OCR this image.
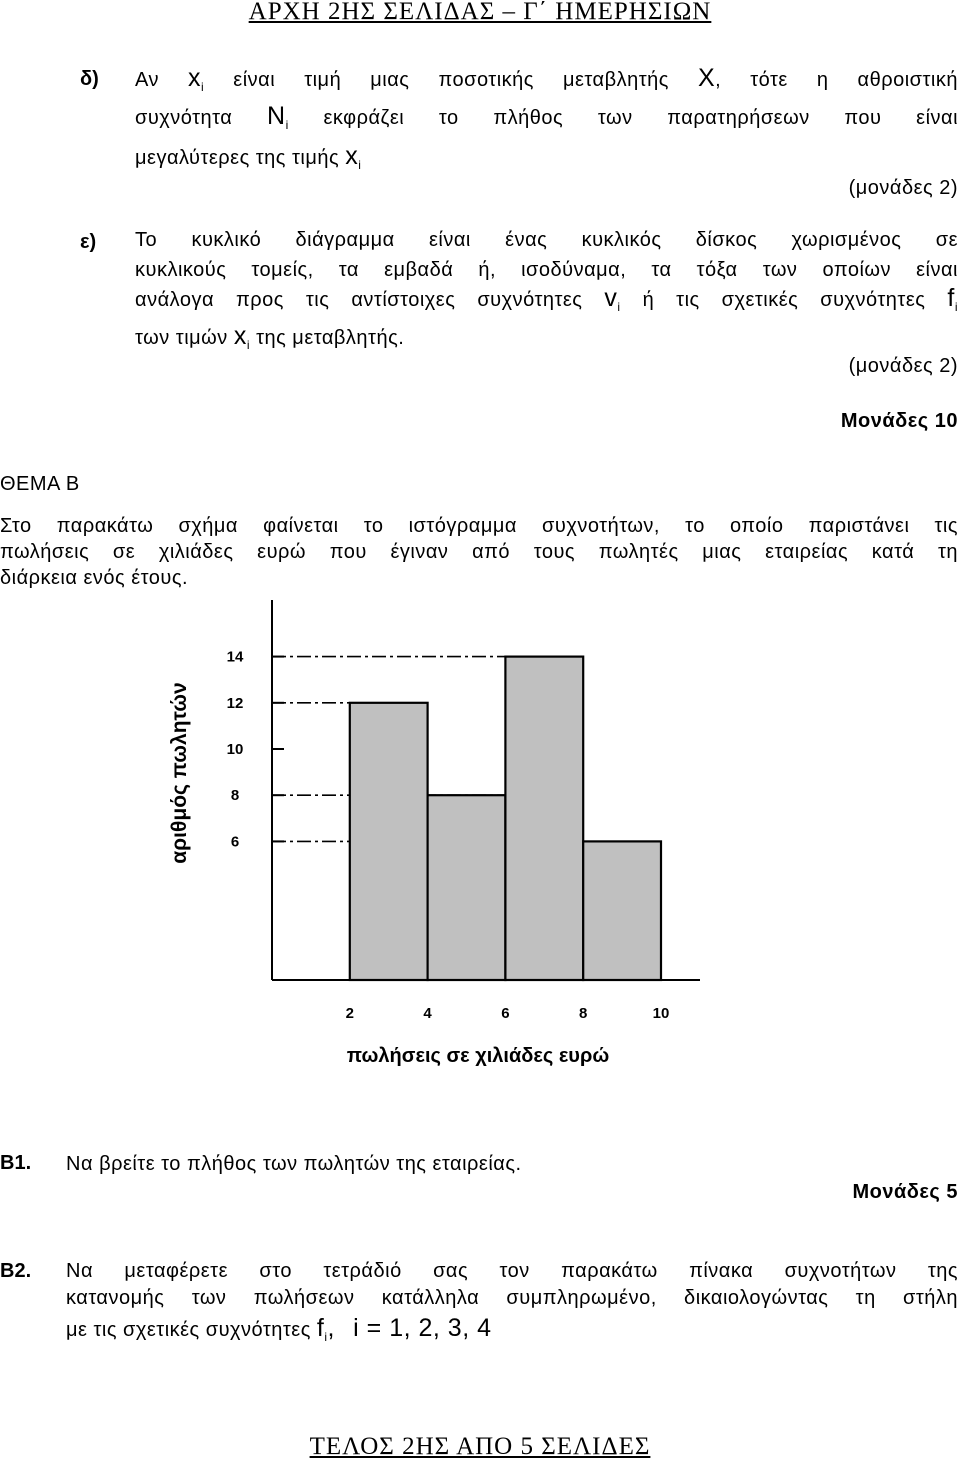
ΑΡΧΗ 2ΗΣ ΣΕΛΙΔΑΣ – Γ΄ ΗΜΕΡΗΣΙΩΝ
δ) Αν $x_i$ είναι τιμή μιας ποσοτικής μεταβλητής X, τότε η αθροιστική
συχνότητα $N_i$ εκφράζει το πλήθος των παρατηρήσεων που είναι
μεγαλύτερες της τιμής $x_i$
(μονάδες 2)
ε) Το κυκλικό διάγραμμα είναι ένας κυκλικός δίσκος χωρισμένος σε
κυκλικούς τομείς, τα εμβαδά ή, ισοδύναμα, τα τόξα των οποίων είναι
ανάλογα προς τις αντίστοιχες συχνότητες $v_i$ ή τις σχετικές συχνότητες $f_i$
των τιμών $x_i$ της μεταβλητής.
(μονάδες 2)
Μονάδες 10
ΘΕΜΑ Β
Στο παρακάτω σχήμα φαίνεται το ιστόγραμμα συχνοτήτων, το οποίο παριστάνει τις
πωλήσεις σε χιλιάδες ευρώ που έγιναν από τους πωλητές μιας εταιρείας κατά τη
διάρκεια ενός έτους.
αριθμός πωλητών
πωλήσεις σε χιλιάδες ευρώ
6
8
10
12
14
2	4	6	8	10
B1. Να βρείτε το πλήθος των πωλητών της εταιρείας.
Μονάδες 5
B2. Να μεταφέρετε στο τετράδιό σας τον παρακάτω πίνακα συχνοτήτων της
κατανομής των πωλήσεων κατάλληλα συμπληρωμένο, δικαιολογώντας τη στήλη
με τις σχετικές συχνότητες $f_i$, i = 1, 2, 3, 4
ΤΕΛΟΣ 2ΗΣ ΑΠΟ 5 ΣΕΛΙΔΕΣ
